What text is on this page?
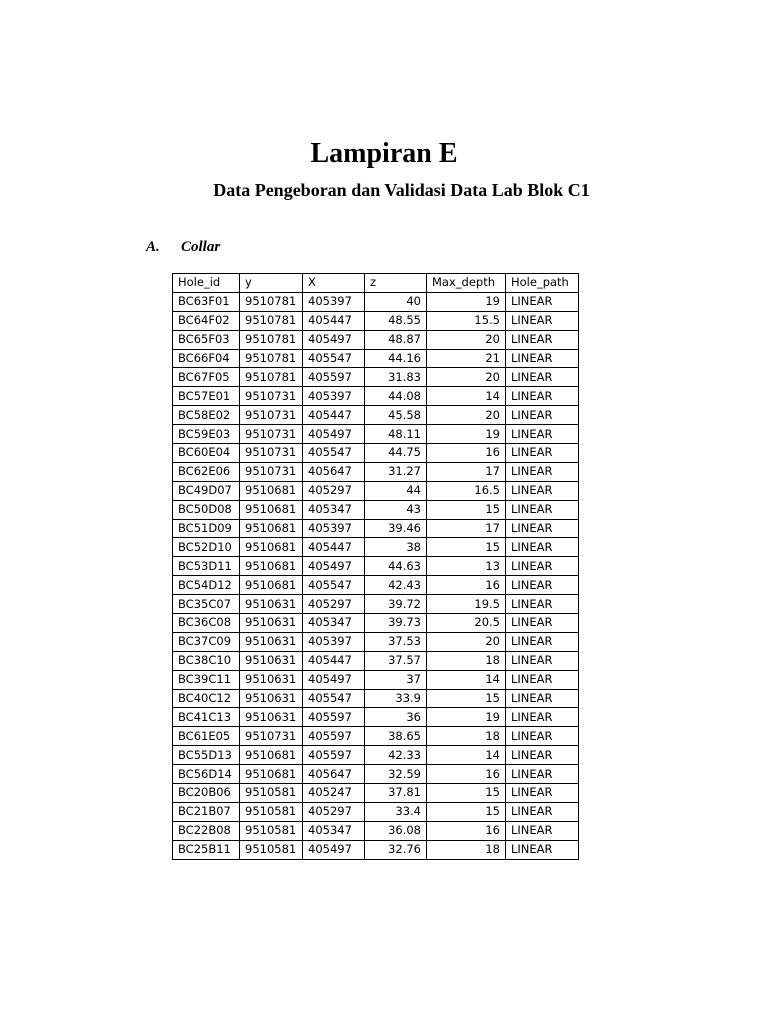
Lampiran E
Data Pengeboran dan Validasi Data Lab Blok C1
A. Collar
Hole_id	y	X	z	Max_depth	Hole_path
BC63F01	9510781	405397	40	19	LINEAR
BC64F02	9510781	405447	48.55	15.5	LINEAR
BC65F03	9510781	405497	48.87	20	LINEAR
BC66F04	9510781	405547	44.16	21	LINEAR
BC67F05	9510781	405597	31.83	20	LINEAR
BC57E01	9510731	405397	44.08	14	LINEAR
BC58E02	9510731	405447	45.58	20	LINEAR
BC59E03	9510731	405497	48.11	19	LINEAR
BC60E04	9510731	405547	44.75	16	LINEAR
BC62E06	9510731	405647	31.27	17	LINEAR
BC49D07	9510681	405297	44	16.5	LINEAR
BC50D08	9510681	405347	43	15	LINEAR
BC51D09	9510681	405397	39.46	17	LINEAR
BC52D10	9510681	405447	38	15	LINEAR
BC53D11	9510681	405497	44.63	13	LINEAR
BC54D12	9510681	405547	42.43	16	LINEAR
BC35C07	9510631	405297	39.72	19.5	LINEAR
BC36C08	9510631	405347	39.73	20.5	LINEAR
BC37C09	9510631	405397	37.53	20	LINEAR
BC38C10	9510631	405447	37.57	18	LINEAR
BC39C11	9510631	405497	37	14	LINEAR
BC40C12	9510631	405547	33.9	15	LINEAR
BC41C13	9510631	405597	36	19	LINEAR
BC61E05	9510731	405597	38.65	18	LINEAR
BC55D13	9510681	405597	42.33	14	LINEAR
BC56D14	9510681	405647	32.59	16	LINEAR
BC20B06	9510581	405247	37.81	15	LINEAR
BC21B07	9510581	405297	33.4	15	LINEAR
BC22B08	9510581	405347	36.08	16	LINEAR
BC25B11	9510581	405497	32.76	18	LINEAR
